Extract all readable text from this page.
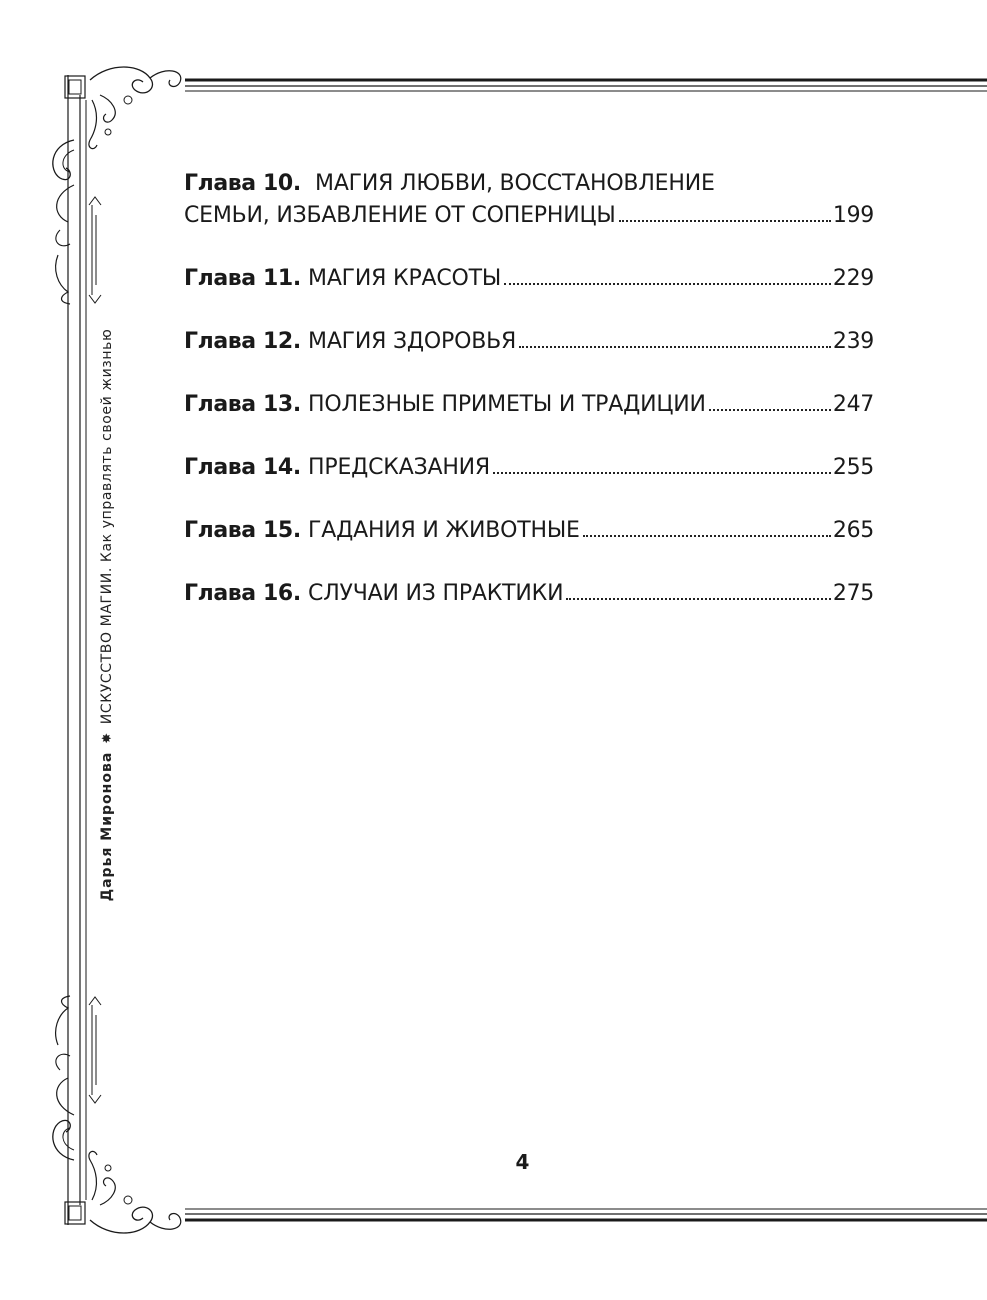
Дарья Миронова
✸
ИСКУССТВО МАГИИ. Как управлять своей жизнью
Глава 10.  МАГИЯ ЛЮБВИ, ВОССТАНОВЛЕНИЕ
СЕМЬИ, ИЗБАВЛЕНИЕ ОТ СОПЕРНИЦЫ	199
Глава 11. МАГИЯ КРАСОТЫ	229
Глава 12. МАГИЯ ЗДОРОВЬЯ	239
Глава 13. ПОЛЕЗНЫЕ ПРИМЕТЫ И ТРАДИЦИИ	247
Глава 14. ПРЕДСКАЗАНИЯ	255
Глава 15. ГАДАНИЯ И ЖИВОТНЫЕ	265
Глава 16. СЛУЧАИ ИЗ ПРАКТИКИ	275
4
